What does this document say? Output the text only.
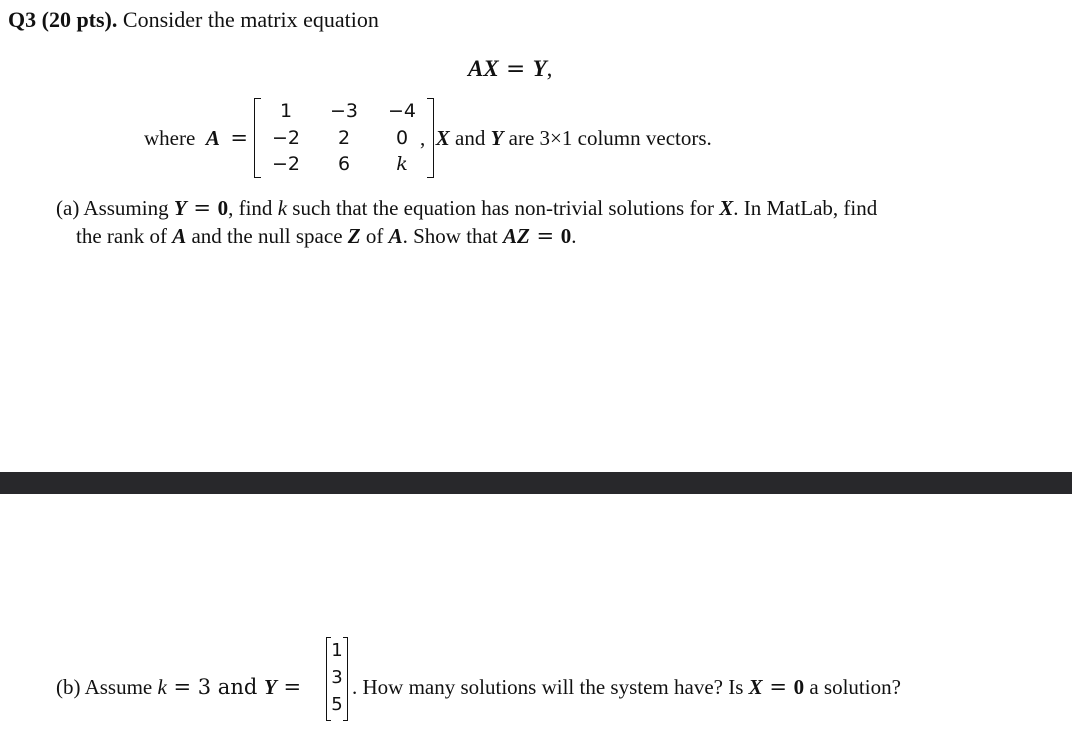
Q3 (20 pts). Consider the matrix equation
AX = Y,
where A =
1	−3	−4
−2	2	0
−2	6	k
, X and Y are 3×1 column vectors.
(a) Assuming Y = 0, find k such that the equation has non-trivial solutions for X. In MatLab, find
the rank of A and the null space Z of A. Show that AZ = 0.
(b) Assume k = 3 and Y =
1
3
5
. How many solutions will the system have? Is X = 0 a solution?
